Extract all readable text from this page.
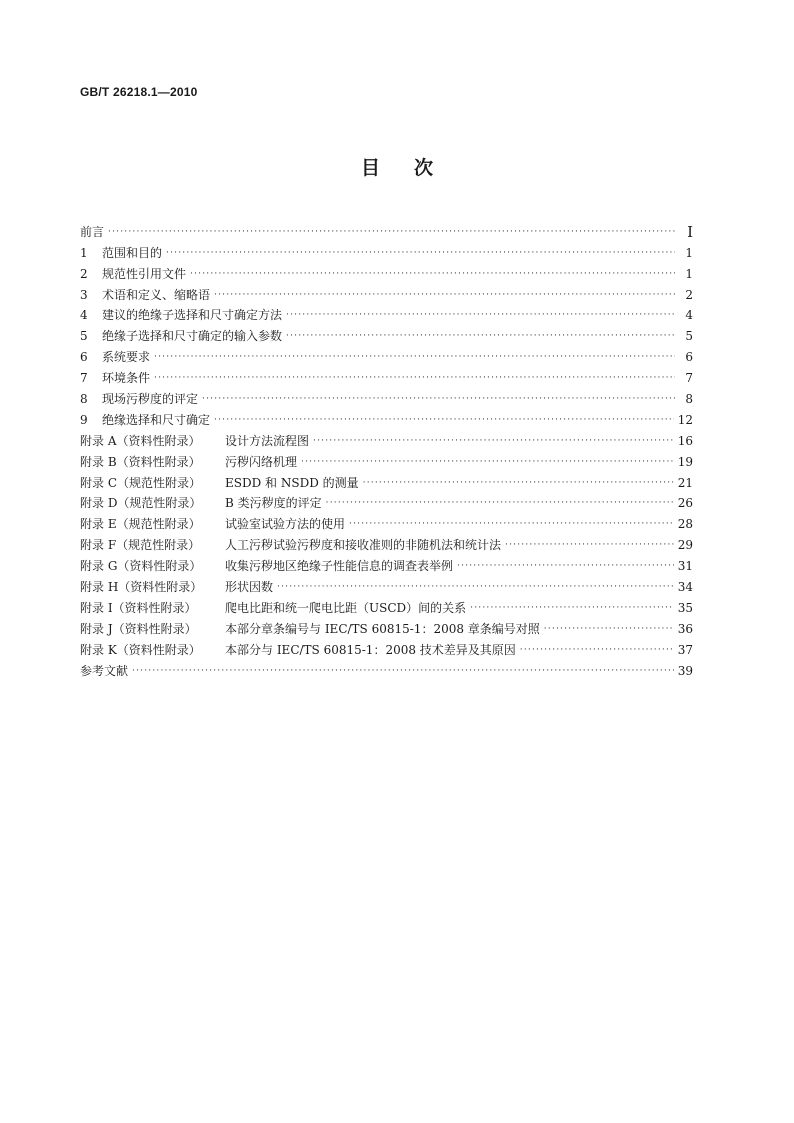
GB/T 26218.1—2010
目 次
前言 ·····	I
1	范围和目的 ·····	1
2	规范性引用文件 ·····	1
3	术语和定义、缩略语 ·····	2
4	建议的绝缘子选择和尺寸确定方法 ·····	4
5	绝缘子选择和尺寸确定的输入参数 ·····	5
6	系统要求 ·····	6
7	环境条件 ·····	7
8	现场污秽度的评定 ·····	8
9	绝缘选择和尺寸确定 ·····	12
附录 A（资料性附录）	设计方法流程图 ·····	16
附录 B（资料性附录）	污秽闪络机理 ·····	19
附录 C（规范性附录）	ESDD 和 NSDD 的测量 ·····	21
附录 D（规范性附录）	B 类污秽度的评定 ·····	26
附录 E（规范性附录）	试验室试验方法的使用 ·····	28
附录 F（规范性附录）	人工污秽试验污秽度和接收准则的非随机法和统计法 ·····	29
附录 G（资料性附录）	收集污秽地区绝缘子性能信息的调查表举例 ·····	31
附录 H（资料性附录）	形状因数 ·····	34
附录 I（资料性附录）	爬电比距和统一爬电比距（USCD）间的关系 ·····	35
附录 J（资料性附录）	本部分章条编号与 IEC/TS 60815-1：2008 章条编号对照 ·····	36
附录 K（资料性附录）	本部分与 IEC/TS 60815-1：2008 技术差异及其原因 ·····	37
参考文献 ·····	39
